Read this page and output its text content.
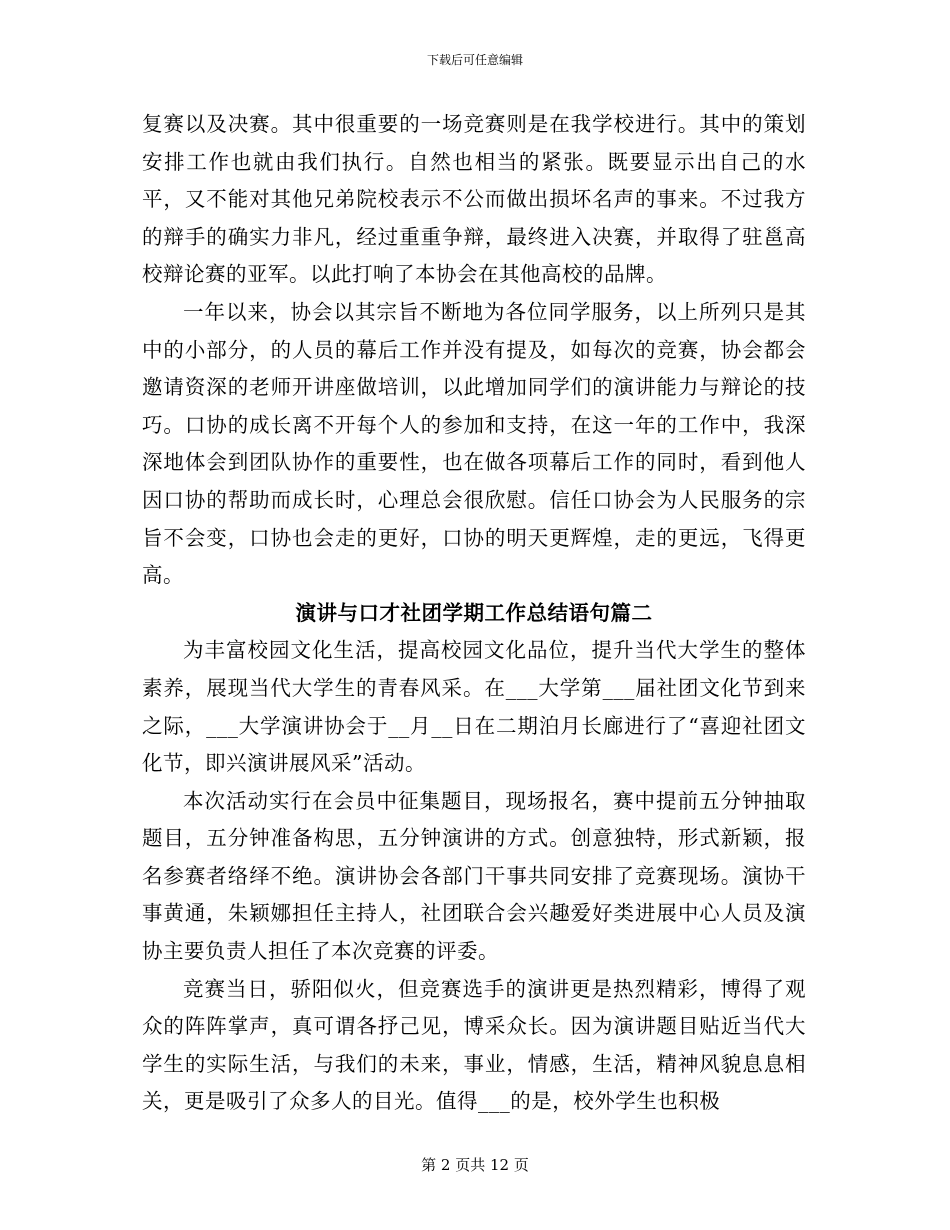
下载后可任意编辑

复赛以及决赛。其中很重要的一场竞赛则是在我学校进行。其中的策划安排工作也就由我们执行。自然也相当的紧张。既要显示出自己的水平，又不能对其他兄弟院校表示不公而做出损坏名声的事来。不过我方的辩手的确实力非凡，经过重重争辩，最终进入决赛，并取得了驻邕高校辩论赛的亚军。以此打响了本协会在其他高校的品牌。

一年以来，协会以其宗旨不断地为各位同学服务，以上所列只是其中的小部分，的人员的幕后工作并没有提及，如每次的竞赛，协会都会邀请资深的老师开讲座做培训，以此增加同学们的演讲能力与辩论的技巧。口协的成长离不开每个人的参加和支持，在这一年的工作中，我深深地体会到团队协作的重要性，也在做各项幕后工作的同时，看到他人因口协的帮助而成长时，心理总会很欣慰。信任口协会为人民服务的宗旨不会变，口协也会走的更好，口协的明天更辉煌，走的更远，飞得更高。

演讲与口才社团学期工作总结语句篇二

为丰富校园文化生活，提高校园文化品位，提升当代大学生的整体素养，展现当代大学生的青春风采。在___大学第___届社团文化节到来之际，___大学演讲协会于__月__日在二期泊月长廊进行了“喜迎社团文化节，即兴演讲展风采”活动。

本次活动实行在会员中征集题目，现场报名，赛中提前五分钟抽取题目，五分钟准备构思，五分钟演讲的方式。创意独特，形式新颖，报名参赛者络绎不绝。演讲协会各部门干事共同安排了竞赛现场。演协干事黄通，朱颖娜担任主持人，社团联合会兴趣爱好类进展中心人员及演协主要负责人担任了本次竞赛的评委。

竞赛当日，骄阳似火，但竞赛选手的演讲更是热烈精彩，博得了观众的阵阵掌声，真可谓各抒己见，博采众长。因为演讲题目贴近当代大学生的实际生活，与我们的未来，事业，情感，生活，精神风貌息息相关，更是吸引了众多人的目光。值得___的是，校外学生也积极

第 2 页共 12 页
